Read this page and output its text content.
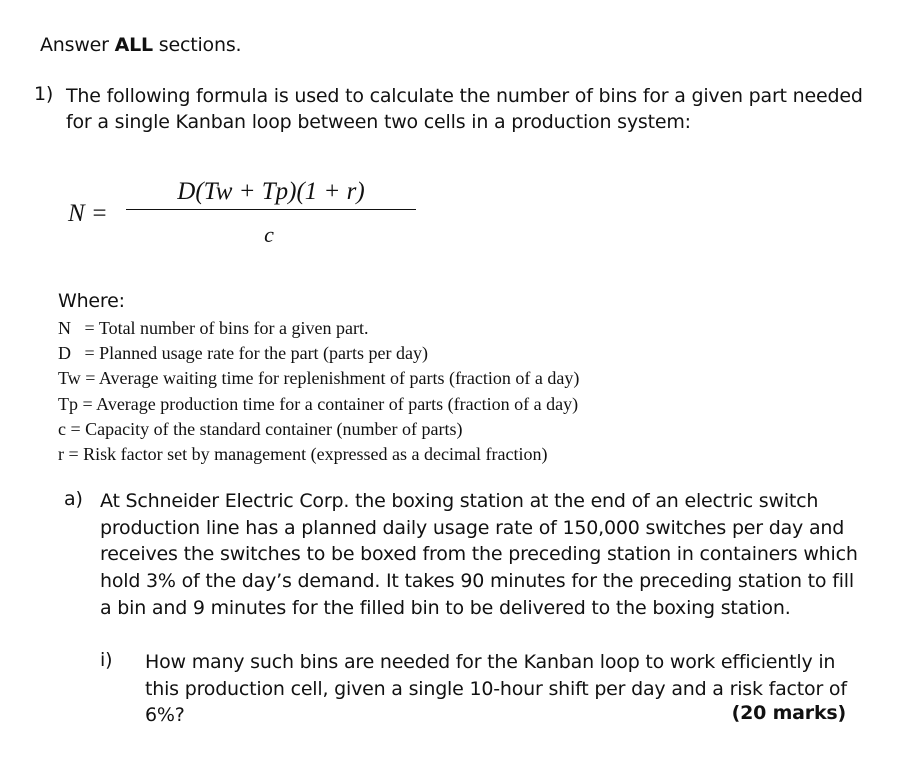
Answer ALL sections.
1) The following formula is used to calculate the number of bins for a given part needed for a single Kanban loop between two cells in a production system:
N =
D(Tw + Tp)(1 + r)
c
Where:
N   = Total number of bins for a given part.
D   = Planned usage rate for the part (parts per day)
Tw = Average waiting time for replenishment of parts (fraction of a day)
Tp = Average production time for a container of parts (fraction of a day)
c = Capacity of the standard container (number of parts)
r = Risk factor set by management (expressed as a decimal fraction)
a) At Schneider Electric Corp. the boxing station at the end of an electric switch production line has a planned daily usage rate of 150,000 switches per day and receives the switches to be boxed from the preceding station in containers which hold 3% of the day’s demand. It takes 90 minutes for the preceding station to fill a bin and 9 minutes for the filled bin to be delivered to the boxing station.
i) How many such bins are needed for the Kanban loop to work efficiently in this production cell, given a single 10-hour shift per day and a risk factor of 6%?	(20 marks)
